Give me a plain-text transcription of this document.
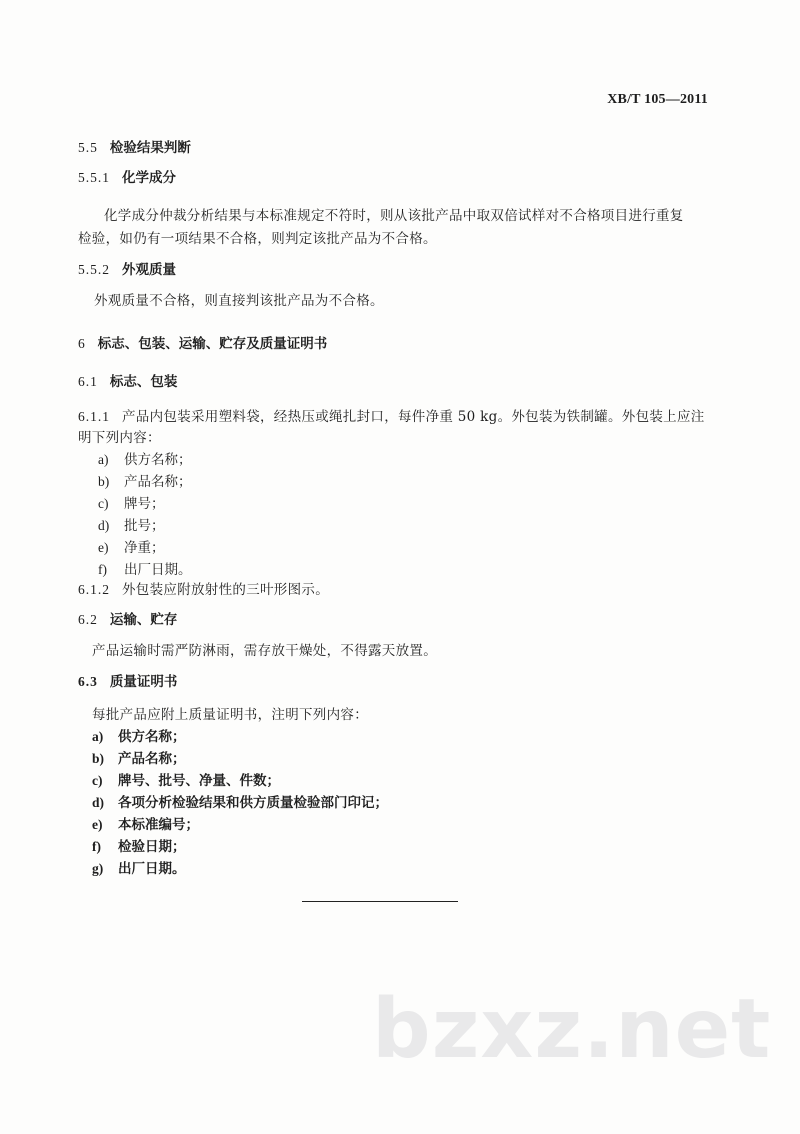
XB/T 105—2011
5.5 检验结果判断
5.5.1 化学成分
化学成分仲裁分析结果与本标准规定不符时，则从该批产品中取双倍试样对不合格项目进行重复
检验，如仍有一项结果不合格，则判定该批产品为不合格。
5.5.2 外观质量
外观质量不合格，则直接判该批产品为不合格。
6 标志、包装、运输、贮存及质量证明书
6.1 标志、包装
6.1.1 产品内包装采用塑料袋，经热压或绳扎封口，每件净重 50 kg。外包装为铁制罐。外包装上应注
明下列内容：
a) 供方名称；
b) 产品名称；
c) 牌号；
d) 批号；
e) 净重；
f) 出厂日期。
6.1.2 外包装应附放射性的三叶形图示。
6.2 运输、贮存
产品运输时需严防淋雨，需存放干燥处，不得露天放置。
6.3 质量证明书
每批产品应附上质量证明书，注明下列内容：
a) 供方名称；
b) 产品名称；
c) 牌号、批号、净量、件数；
d) 各项分析检验结果和供方质量检验部门印记；
e) 本标准编号；
f) 检验日期；
g) 出厂日期。
bzxz.net
